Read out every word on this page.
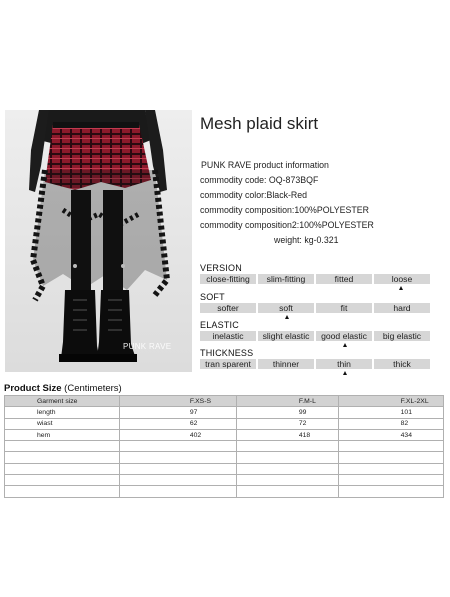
PUNK RAVE
Mesh plaid skirt
PUNK RAVE product information
commodity code: OQ-873BQF
commodity color:Black-Red
commodity composition:100%POLYESTER
commodity composition2:100%POLYESTER
weight: kg-0.321
VERSION
close-fitting	slim-fitting	fitted	loose
SOFT
softer	soft	fit	hard
ELASTIC
inelastic	slight elastic	good elastic	big elastic
THICKNESS
tran sparent	thinner	thin	thick
Product Size (Centimeters)
Garment size	F.XS-S	F.M-L	F.XL-2XL
length	97	99	101
wiast	62	72	82
hem	402	418	434
